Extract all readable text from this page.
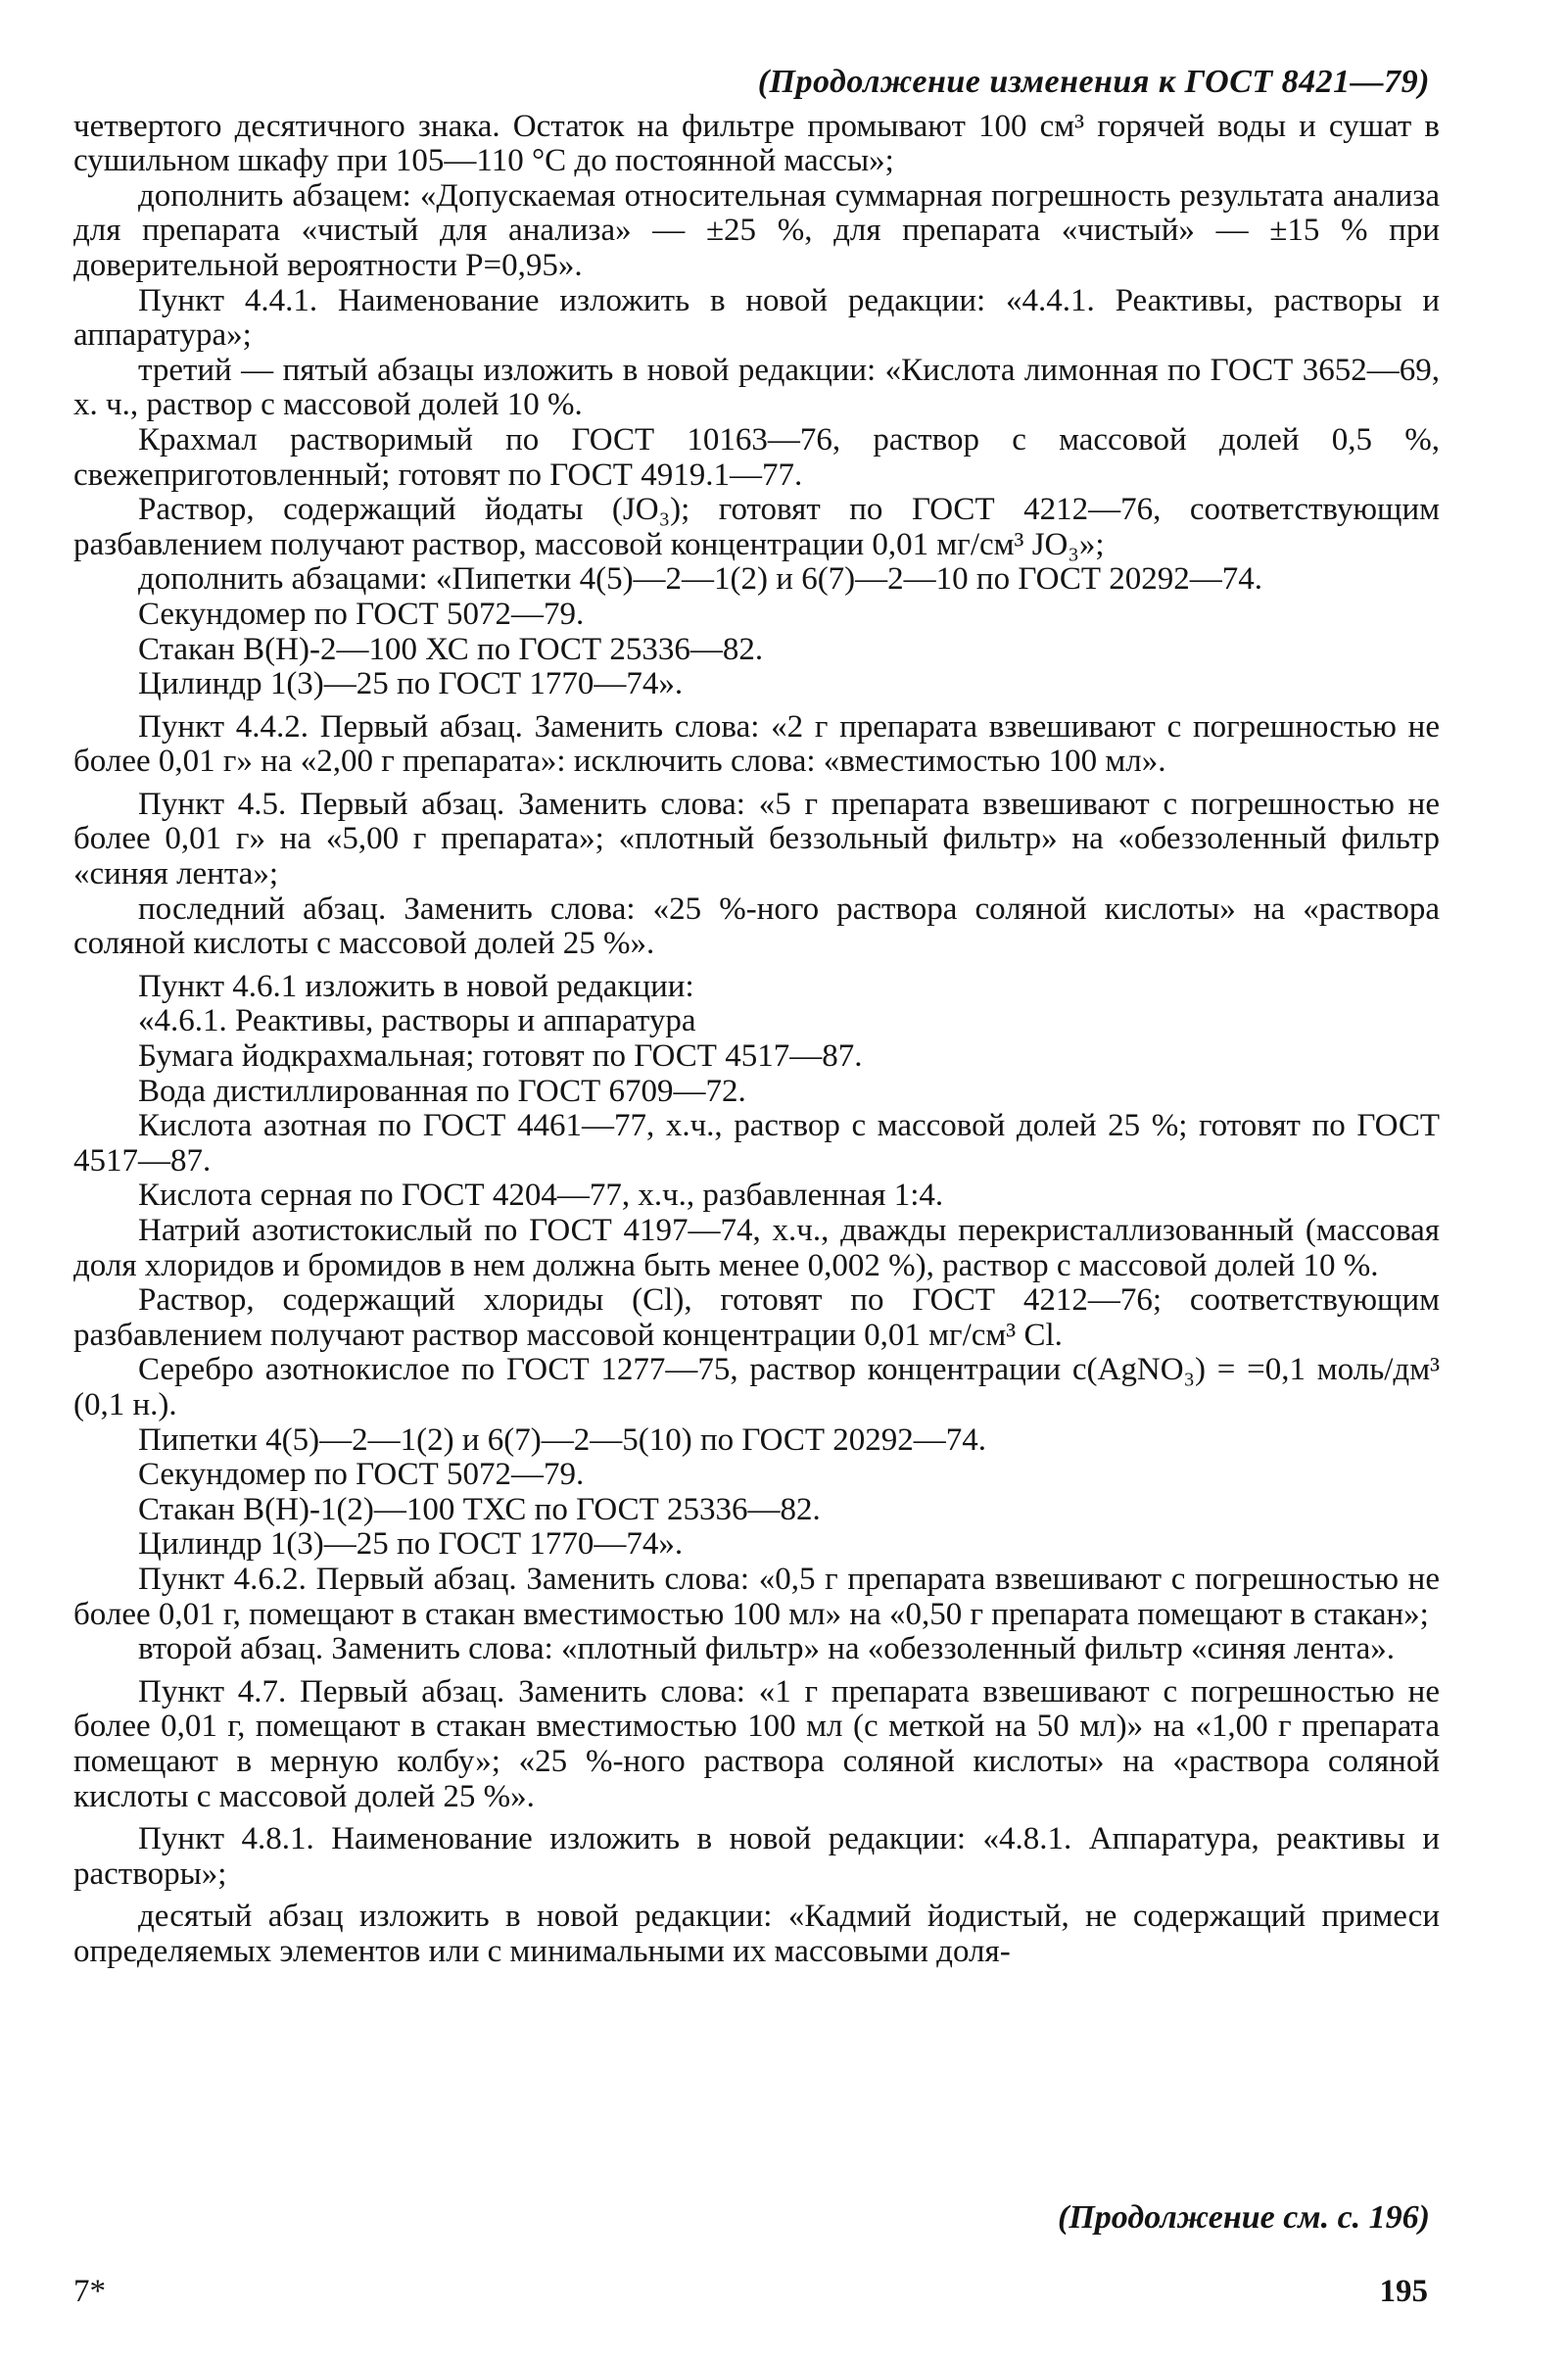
(Продолжение изменения к ГОСТ 8421—79)

четвертого десятичного знака. Остаток на фильтре промывают 100 см³ горячей воды и сушат в сушильном шкафу при 105—110 °С до постоянной массы»;

дополнить абзацем: «Допускаемая относительная суммарная погрешность результата анализа для препарата «чистый для анализа» — ±25 %, для препарата «чистый» — ±15 % при доверительной вероятности P=0,95».

Пункт 4.4.1. Наименование изложить в новой редакции: «4.4.1. Реактивы, растворы и аппаратура»;

третий — пятый абзацы изложить в новой редакции: «Кислота лимонная по ГОСТ 3652—69, х. ч., раствор с массовой долей 10 %.

Крахмал растворимый по ГОСТ 10163—76, раствор с массовой долей 0,5 %, свежеприготовленный; готовят по ГОСТ 4919.1—77.

Раствор, содержащий йодаты (JO₃); готовят по ГОСТ 4212—76, соответствующим разбавлением получают раствор, массовой концентрации 0,01 мг/см³ JO₃»;

дополнить абзацами: «Пипетки 4(5)—2—1(2) и 6(7)—2—10 по ГОСТ 20292—74.

Секундомер по ГОСТ 5072—79.

Стакан В(Н)-2—100 ХС по ГОСТ 25336—82.

Цилиндр 1(3)—25 по ГОСТ 1770—74».

Пункт 4.4.2. Первый абзац. Заменить слова: «2 г препарата взвешивают с погрешностью не более 0,01 г» на «2,00 г препарата»: исключить слова: «вместимостью 100 мл».

Пункт 4.5. Первый абзац. Заменить слова: «5 г препарата взвешивают с погрешностью не более 0,01 г» на «5,00 г препарата»; «плотный беззольный фильтр» на «обеззоленный фильтр «синяя лента»;

последний абзац. Заменить слова: «25 %-ного раствора соляной кислоты» на «раствора соляной кислоты с массовой долей 25 %».

Пункт 4.6.1 изложить в новой редакции:

«4.6.1. Реактивы, растворы и аппаратура

Бумага йодкрахмальная; готовят по ГОСТ 4517—87.

Вода дистиллированная по ГОСТ 6709—72.

Кислота азотная по ГОСТ 4461—77, х.ч., раствор с массовой долей 25 %; готовят по ГОСТ 4517—87.

Кислота серная по ГОСТ 4204—77, х.ч., разбавленная 1:4.

Натрий азотистокислый по ГОСТ 4197—74, х.ч., дважды перекристаллизованный (массовая доля хлоридов и бромидов в нем должна быть менее 0,002 %), раствор с массовой долей 10 %.

Раствор, содержащий хлориды (Cl), готовят по ГОСТ 4212—76; соответствующим разбавлением получают раствор массовой концентрации 0,01 мг/см³ Cl.

Серебро азотнокислое по ГОСТ 1277—75, раствор концентрации c(AgNO₃) = =0,1 моль/дм³ (0,1 н.).

Пипетки 4(5)—2—1(2) и 6(7)—2—5(10) по ГОСТ 20292—74.

Секундомер по ГОСТ 5072—79.

Стакан В(Н)-1(2)—100 ТХС по ГОСТ 25336—82.

Цилиндр 1(3)—25 по ГОСТ 1770—74».

Пункт 4.6.2. Первый абзац. Заменить слова: «0,5 г препарата взвешивают с погрешностью не более 0,01 г, помещают в стакан вместимостью 100 мл» на «0,50 г препарата помещают в стакан»;

второй абзац. Заменить слова: «плотный фильтр» на «обеззоленный фильтр «синяя лента».

Пункт 4.7. Первый абзац. Заменить слова: «1 г препарата взвешивают с погрешностью не более 0,01 г, помещают в стакан вместимостью 100 мл (с меткой на 50 мл)» на «1,00 г препарата помещают в мерную колбу»; «25 %-ного раствора соляной кислоты» на «раствора соляной кислоты с массовой долей 25 %».

Пункт 4.8.1. Наименование изложить в новой редакции: «4.8.1. Аппаратура, реактивы и растворы»;

десятый абзац изложить в новой редакции: «Кадмий йодистый, не содержащий примеси определяемых элементов или с минимальными их массовыми доля-

(Продолжение см. с. 196)
7*	195
